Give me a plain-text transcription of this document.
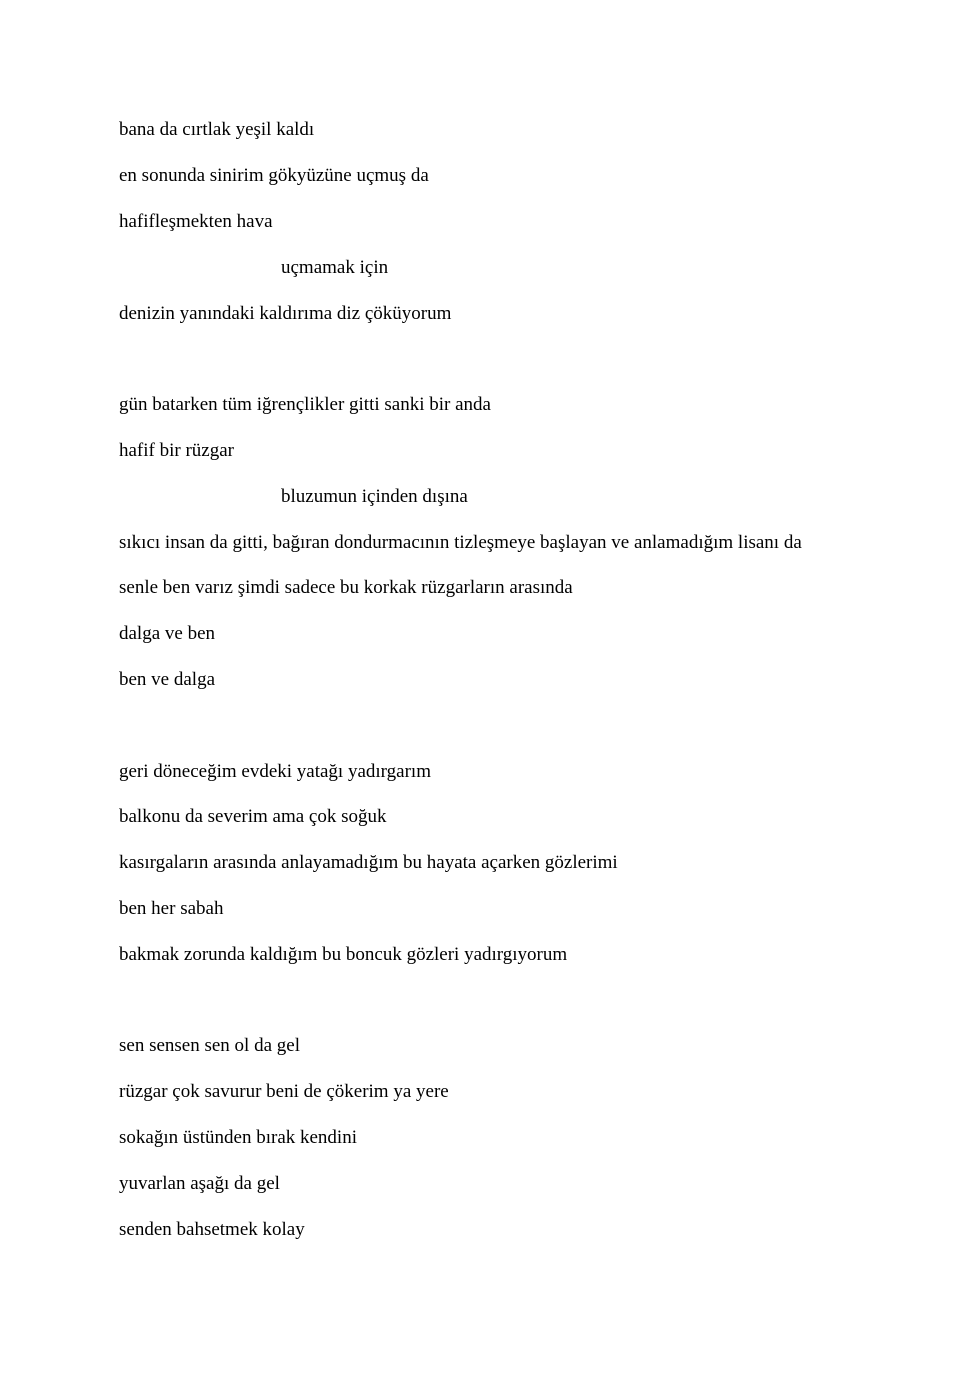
bana da cırtlak yeşil kaldı

en sonunda sinirim gökyüzüne uçmuş da

hafifleşmekten hava

uçmamak için

denizin yanındaki kaldırıma diz çöküyorum

gün batarken tüm iğrençlikler gitti sanki bir anda

hafif bir rüzgar

bluzumun içinden dışına

sıkıcı insan da gitti, bağıran dondurmacının tizleşmeye başlayan ve anlamadığım lisanı da

senle ben varız şimdi sadece bu korkak rüzgarların arasında

dalga ve ben

ben ve dalga

geri döneceğim evdeki yatağı yadırgarım

balkonu da severim ama çok soğuk

kasırgaların arasında anlayamadığım bu hayata açarken gözlerimi

ben her sabah

bakmak zorunda kaldığım bu boncuk gözleri yadırgıyorum

sen sensen sen ol da gel

rüzgar çok savurur beni de çökerim ya yere

sokağın üstünden bırak kendini

yuvarlan aşağı da gel

senden bahsetmek kolay
